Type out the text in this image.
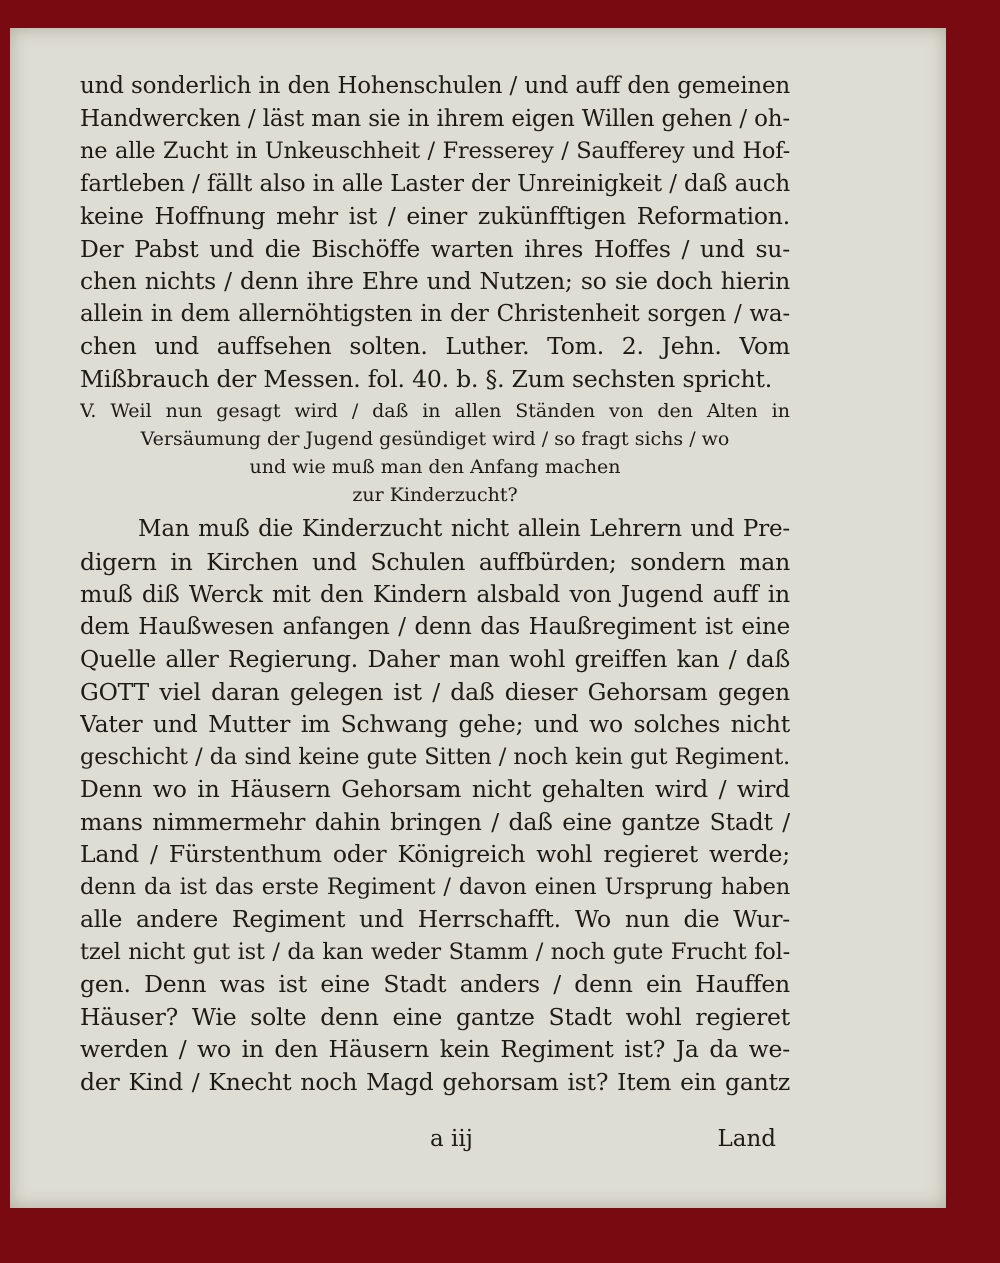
und sonderlich in den Hohenschulen / und auff den gemeinen
Handwercken / läst man sie in ihrem eigen Willen gehen / oh-
ne alle Zucht in Unkeuschheit / Fresserey / Saufferey und Hof-
fartleben / fällt also in alle Laster der Unreinigkeit / daß auch
keine Hoffnung mehr ist / einer zukünfftigen Reformation.
Der Pabst und die Bischöffe warten ihres Hoffes / und su-
chen nichts / denn ihre Ehre und Nutzen; so sie doch hierin
allein in dem allernöhtigsten in der Christenheit sorgen / wa-
chen und auffsehen solten. Luther. Tom. 2. Jehn. Vom
Mißbrauch der Messen. fol. 40. b. §. Zum sechsten spricht.
V. Weil nun gesagt wird / daß in allen Ständen von den Alten in
Versäumung der Jugend gesündiget wird / so fragt sichs / wo
und wie muß man den Anfang machen
zur Kinderzucht?
Man muß die Kinderzucht nicht allein Lehrern und Pre-
digern in Kirchen und Schulen auffbürden; sondern man
muß diß Werck mit den Kindern alsbald von Jugend auff in
dem Haußwesen anfangen / denn das Haußregiment ist eine
Quelle aller Regierung. Daher man wohl greiffen kan / daß
GOTT viel daran gelegen ist / daß dieser Gehorsam gegen
Vater und Mutter im Schwang gehe; und wo solches nicht
geschicht / da sind keine gute Sitten / noch kein gut Regiment.
Denn wo in Häusern Gehorsam nicht gehalten wird / wird
mans nimmermehr dahin bringen / daß eine gantze Stadt /
Land / Fürstenthum oder Königreich wohl regieret werde;
denn da ist das erste Regiment / davon einen Ursprung haben
alle andere Regiment und Herrschafft. Wo nun die Wur-
tzel nicht gut ist / da kan weder Stamm / noch gute Frucht fol-
gen. Denn was ist eine Stadt anders / denn ein Hauffen
Häuser? Wie solte denn eine gantze Stadt wohl regieret
werden / wo in den Häusern kein Regiment ist? Ja da we-
der Kind / Knecht noch Magd gehorsam ist? Item ein gantz
a iij	Land
